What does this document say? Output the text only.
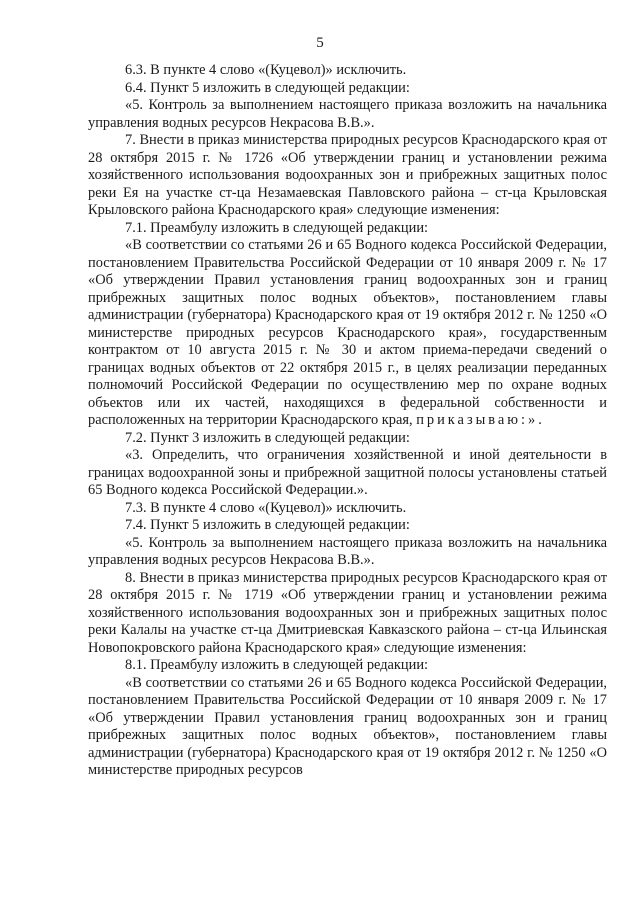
5

6.3. В пункте 4 слово «(Куцевол)» исключить.

6.4. Пункт 5 изложить в следующей редакции:

«5. Контроль за выполнением настоящего приказа возложить на начальника управления водных ресурсов Некрасова В.В.».

7. Внести в приказ министерства природных ресурсов Краснодарского края от 28 октября 2015 г. № 1726 «Об утверждении границ и установлении режима хозяйственного использования водоохранных зон и прибрежных защитных полос реки Ея на участке ст-ца Незамаевская Павловского района – ст-ца Крыловская Крыловского района Краснодарского края» следующие изменения:

7.1. Преамбулу изложить в следующей редакции:

«В соответствии со статьями 26 и 65 Водного кодекса Российской Федерации, постановлением Правительства Российской Федерации от 10 января 2009 г. № 17 «Об утверждении Правил установления границ водоохранных зон и границ прибрежных защитных полос водных объектов», постановлением главы администрации (губернатора) Краснодарского края от 19 октября 2012 г. № 1250 «О министерстве природных ресурсов Краснодарского края», государственным контрактом от 10 августа 2015 г. № 30 и актом приема-передачи сведений о границах водных объектов от 22 октября 2015 г., в целях реализации переданных полномочий Российской Федерации по осуществлению мер по охране водных объектов или их частей, находящихся в федеральной собственности и расположенных на территории Краснодарского края, приказываю:».

7.2. Пункт 3 изложить в следующей редакции:

«3. Определить, что ограничения хозяйственной и иной деятельности в границах водоохранной зоны и прибрежной защитной полосы установлены статьей 65 Водного кодекса Российской Федерации.».

7.3. В пункте 4 слово «(Куцевол)» исключить.

7.4. Пункт 5 изложить в следующей редакции:

«5. Контроль за выполнением настоящего приказа возложить на начальника управления водных ресурсов Некрасова В.В.».

8. Внести в приказ министерства природных ресурсов Краснодарского края от 28 октября 2015 г. № 1719 «Об утверждении границ и установлении режима хозяйственного использования водоохранных зон и прибрежных защитных полос реки Калалы на участке ст-ца Дмитриевская Кавказского района – ст-ца Ильинская Новопокровского района Краснодарского края» следующие изменения:

8.1. Преамбулу изложить в следующей редакции:

«В соответствии со статьями 26 и 65 Водного кодекса Российской Федерации, постановлением Правительства Российской Федерации от 10 января 2009 г. № 17 «Об утверждении Правил установления границ водоохранных зон и границ прибрежных защитных полос водных объектов», постановлением главы администрации (губернатора) Краснодарского края от 19 октября 2012 г. № 1250 «О министерстве природных ресурсов
